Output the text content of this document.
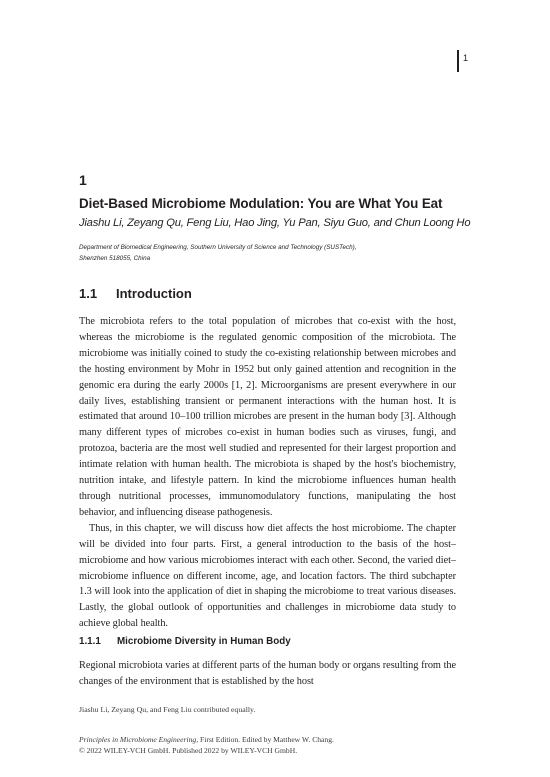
1
1
Diet-Based Microbiome Modulation: You are What You Eat
Jiashu Li, Zeyang Qu, Feng Liu, Hao Jing, Yu Pan, Siyu Guo, and Chun Loong Ho
Department of Biomedical Engineering, Southern University of Science and Technology (SUSTech),
Shenzhen 518055, China
1.1 Introduction

The microbiota refers to the total population of microbes that co-exist with the host, whereas the microbiome is the regulated genomic composition of the microbiota. The microbiome was initially coined to study the co-existing relationship between microbes and the hosting environment by Mohr in 1952 but only gained attention and recognition in the genomic era during the early 2000s [1, 2]. Microorganisms are present everywhere in our daily lives, establishing transient or permanent interactions with the human host. It is estimated that around 10–100 trillion microbes are present in the human body [3]. Although many different types of microbes co-exist in human bodies such as viruses, fungi, and protozoa, bacteria are the most well studied and represented for their largest proportion and intimate relation with human health. The microbiota is shaped by the host's biochemistry, nutrition intake, and lifestyle pattern. In kind the microbiome influences human health through nutritional processes, immunomodulatory functions, manipulating the host behavior, and influencing disease pathogenesis.

Thus, in this chapter, we will discuss how diet affects the host microbiome. The chapter will be divided into four parts. First, a general introduction to the basis of the host–microbiome and how various microbiomes interact with each other. Second, the varied diet–microbiome influence on different income, age, and location factors. The third subchapter 1.3 will look into the application of diet in shaping the microbiome to treat various diseases. Lastly, the global outlook of opportunities and challenges in microbiome data study to achieve global health.

1.1.1 Microbiome Diversity in Human Body

Regional microbiota varies at different parts of the human body or organs resulting from the changes of the environment that is established by the host

Jiashu Li, Zeyang Qu, and Feng Liu contributed equally.

Principles in Microbiome Engineering, First Edition. Edited by Matthew W. Chang.

© 2022 WILEY-VCH GmbH. Published 2022 by WILEY-VCH GmbH.
